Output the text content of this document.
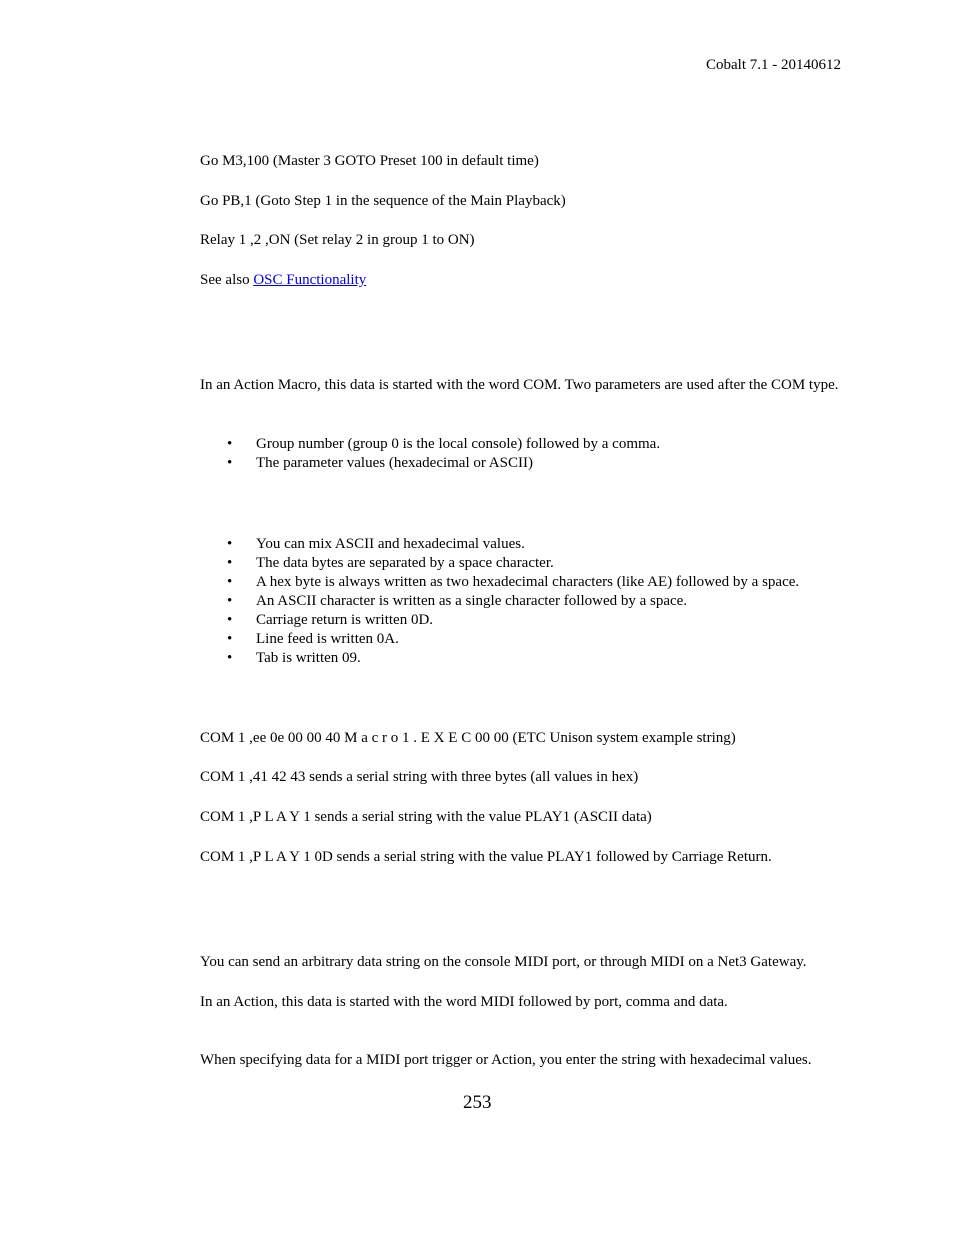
Cobalt 7.1 - 20140612
Go M3,100 (Master 3 GOTO Preset 100 in default time)
Go PB,1 (Goto Step 1 in the sequence of the Main Playback)
Relay 1 ,2 ,ON (Set relay 2 in group 1 to ON)
See also OSC Functionality
In an Action Macro, this data is started with the word COM. Two parameters are used after the COM type.
• Group number (group 0 is the local console) followed by a comma.
• The parameter values (hexadecimal or ASCII)
• You can mix ASCII and hexadecimal values.
• The data bytes are separated by a space character.
• A hex byte is always written as two hexadecimal characters (like AE) followed by a space.
• An ASCII character is written as a single character followed by a space.
• Carriage return is written 0D.
• Line feed is written 0A.
• Tab is written 09.
COM 1 ,ee 0e 00 00 40 M a c r o 1 . E X E C 00 00 (ETC Unison system example string)
COM 1 ,41 42 43 sends a serial string with three bytes (all values in hex)
COM 1 ,P L A Y 1 sends a serial string with the value PLAY1 (ASCII data)
COM 1 ,P L A Y 1 0D sends a serial string with the value PLAY1 followed by Carriage Return.
You can send an arbitrary data string on the console MIDI port, or through MIDI on a Net3 Gateway.
In an Action, this data is started with the word MIDI followed by port, comma and data.
When specifying data for a MIDI port trigger or Action, you enter the string with hexadecimal values.
253
